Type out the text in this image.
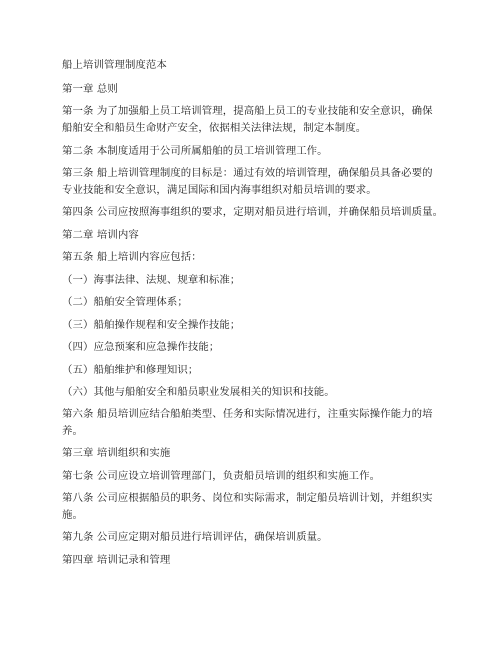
船上培训管理制度范本
第一章 总则
第一条 为了加强船上员工培训管理，提高船上员工的专业技能和安全意识，确保
船舶安全和船员生命财产安全，依据相关法律法规，制定本制度。
第二条 本制度适用于公司所属船舶的员工培训管理工作。
第三条 船上培训管理制度的目标是：通过有效的培训管理，确保船员具备必要的
专业技能和安全意识，满足国际和国内海事组织对船员培训的要求。
第四条 公司应按照海事组织的要求，定期对船员进行培训，并确保船员培训质量。
第二章 培训内容
第五条 船上培训内容应包括：
（一）海事法律、法规、规章和标准；
（二）船舶安全管理体系；
（三）船舶操作规程和安全操作技能；
（四）应急预案和应急操作技能；
（五）船舶维护和修理知识；
（六）其他与船舶安全和船员职业发展相关的知识和技能。
第六条 船员培训应结合船舶类型、任务和实际情况进行，注重实际操作能力的培
养。
第三章 培训组织和实施
第七条 公司应设立培训管理部门，负责船员培训的组织和实施工作。
第八条 公司应根据船员的职务、岗位和实际需求，制定船员培训计划，并组织实
施。
第九条 公司应定期对船员进行培训评估，确保培训质量。
第四章 培训记录和管理
